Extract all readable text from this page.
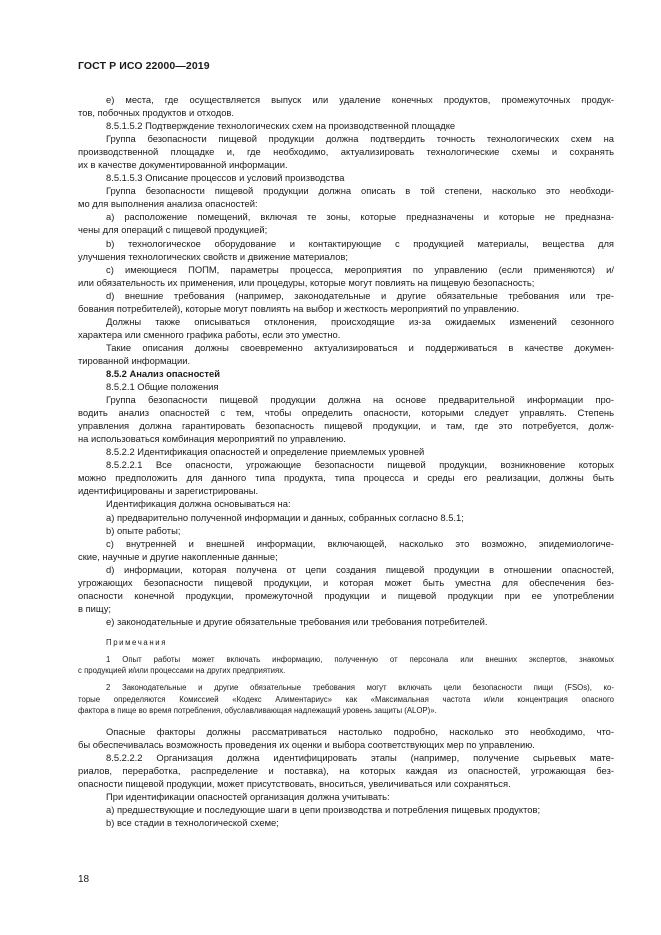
ГОСТ Р ИСО 22000—2019
e) места, где осуществляется выпуск или удаление конечных продуктов, промежуточных продук-
тов, побочных продуктов и отходов.
8.5.1.5.2 Подтверждение технологических схем на производственной площадке
Группа безопасности пищевой продукции должна подтвердить точность технологических схем на
производственной площадке и, где необходимо, актуализировать технологические схемы и сохранять
их в качестве документированной информации.
8.5.1.5.3 Описание процессов и условий производства
Группа безопасности пищевой продукции должна описать в той степени, насколько это необходи-
мо для выполнения анализа опасностей:
a) расположение помещений, включая те зоны, которые предназначены и которые не предназна-
чены для операций с пищевой продукцией;
b) технологическое оборудование и контактирующие с продукцией материалы, вещества для
улучшения технологических свойств и движение материалов;
c) имеющиеся ПОПМ, параметры процесса, мероприятия по управлению (если применяются) и/
или обязательность их применения, или процедуры, которые могут повлиять на пищевую безопасность;
d) внешние требования (например, законодательные и другие обязательные требования или тре-
бования потребителей), которые могут повлиять на выбор и жесткость мероприятий по управлению.
Должны также описываться отклонения, происходящие из-за ожидаемых изменений сезонного
характера или сменного графика работы, если это уместно.
Такие описания должны своевременно актуализироваться и поддерживаться в качестве докумен-
тированной информации.
8.5.2 Анализ опасностей
8.5.2.1 Общие положения
Группа безопасности пищевой продукции должна на основе предварительной информации про-
водить анализ опасностей с тем, чтобы определить опасности, которыми следует управлять. Степень
управления должна гарантировать безопасность пищевой продукции, и там, где это потребуется, долж-
на использоваться комбинация мероприятий по управлению.
8.5.2.2 Идентификация опасностей и определение приемлемых уровней
8.5.2.2.1 Все опасности, угрожающие безопасности пищевой продукции, возникновение которых
можно предположить для данного типа продукта, типа процесса и среды его реализации, должны быть
идентифицированы и зарегистрированы.
Идентификация должна основываться на:
a) предварительно полученной информации и данных, собранных согласно 8.5.1;
b) опыте работы;
c) внутренней и внешней информации, включающей, насколько это возможно, эпидемиологиче-
ские, научные и другие накопленные данные;
d) информации, которая получена от цепи создания пищевой продукции в отношении опасностей,
угрожающих безопасности пищевой продукции, и которая может быть уместна для обеспечения без-
опасности конечной продукции, промежуточной продукции и пищевой продукции при ее употреблении
в пищу;
e) законодательные и другие обязательные требования или требования потребителей.
Примечания
1 Опыт работы может включать информацию, полученную от персонала или внешних экспертов, знакомых
с продукцией и/или процессами на других предприятиях.
2 Законодательные и другие обязательные требования могут включать цели безопасности пищи (FSOs), ко-
торые определяются Комиссией «Кодекс Алиментариус» как «Максимальная частота и/или концентрация опасного
фактора в пище во время потребления, обуславливающая надлежащий уровень защиты (ALOP)».
Опасные факторы должны рассматриваться настолько подробно, насколько это необходимо, что-
бы обеспечивалась возможность проведения их оценки и выбора соответствующих мер по управлению.
8.5.2.2.2 Организация должна идентифицировать этапы (например, получение сырьевых мате-
риалов, переработка, распределение и поставка), на которых каждая из опасностей, угрожающая без-
опасности пищевой продукции, может присутствовать, вноситься, увеличиваться или сохраняться.
При идентификации опасностей организация должна учитывать:
a) предшествующие и последующие шаги в цепи производства и потребления пищевых продуктов;
b) все стадии в технологической схеме;
18
